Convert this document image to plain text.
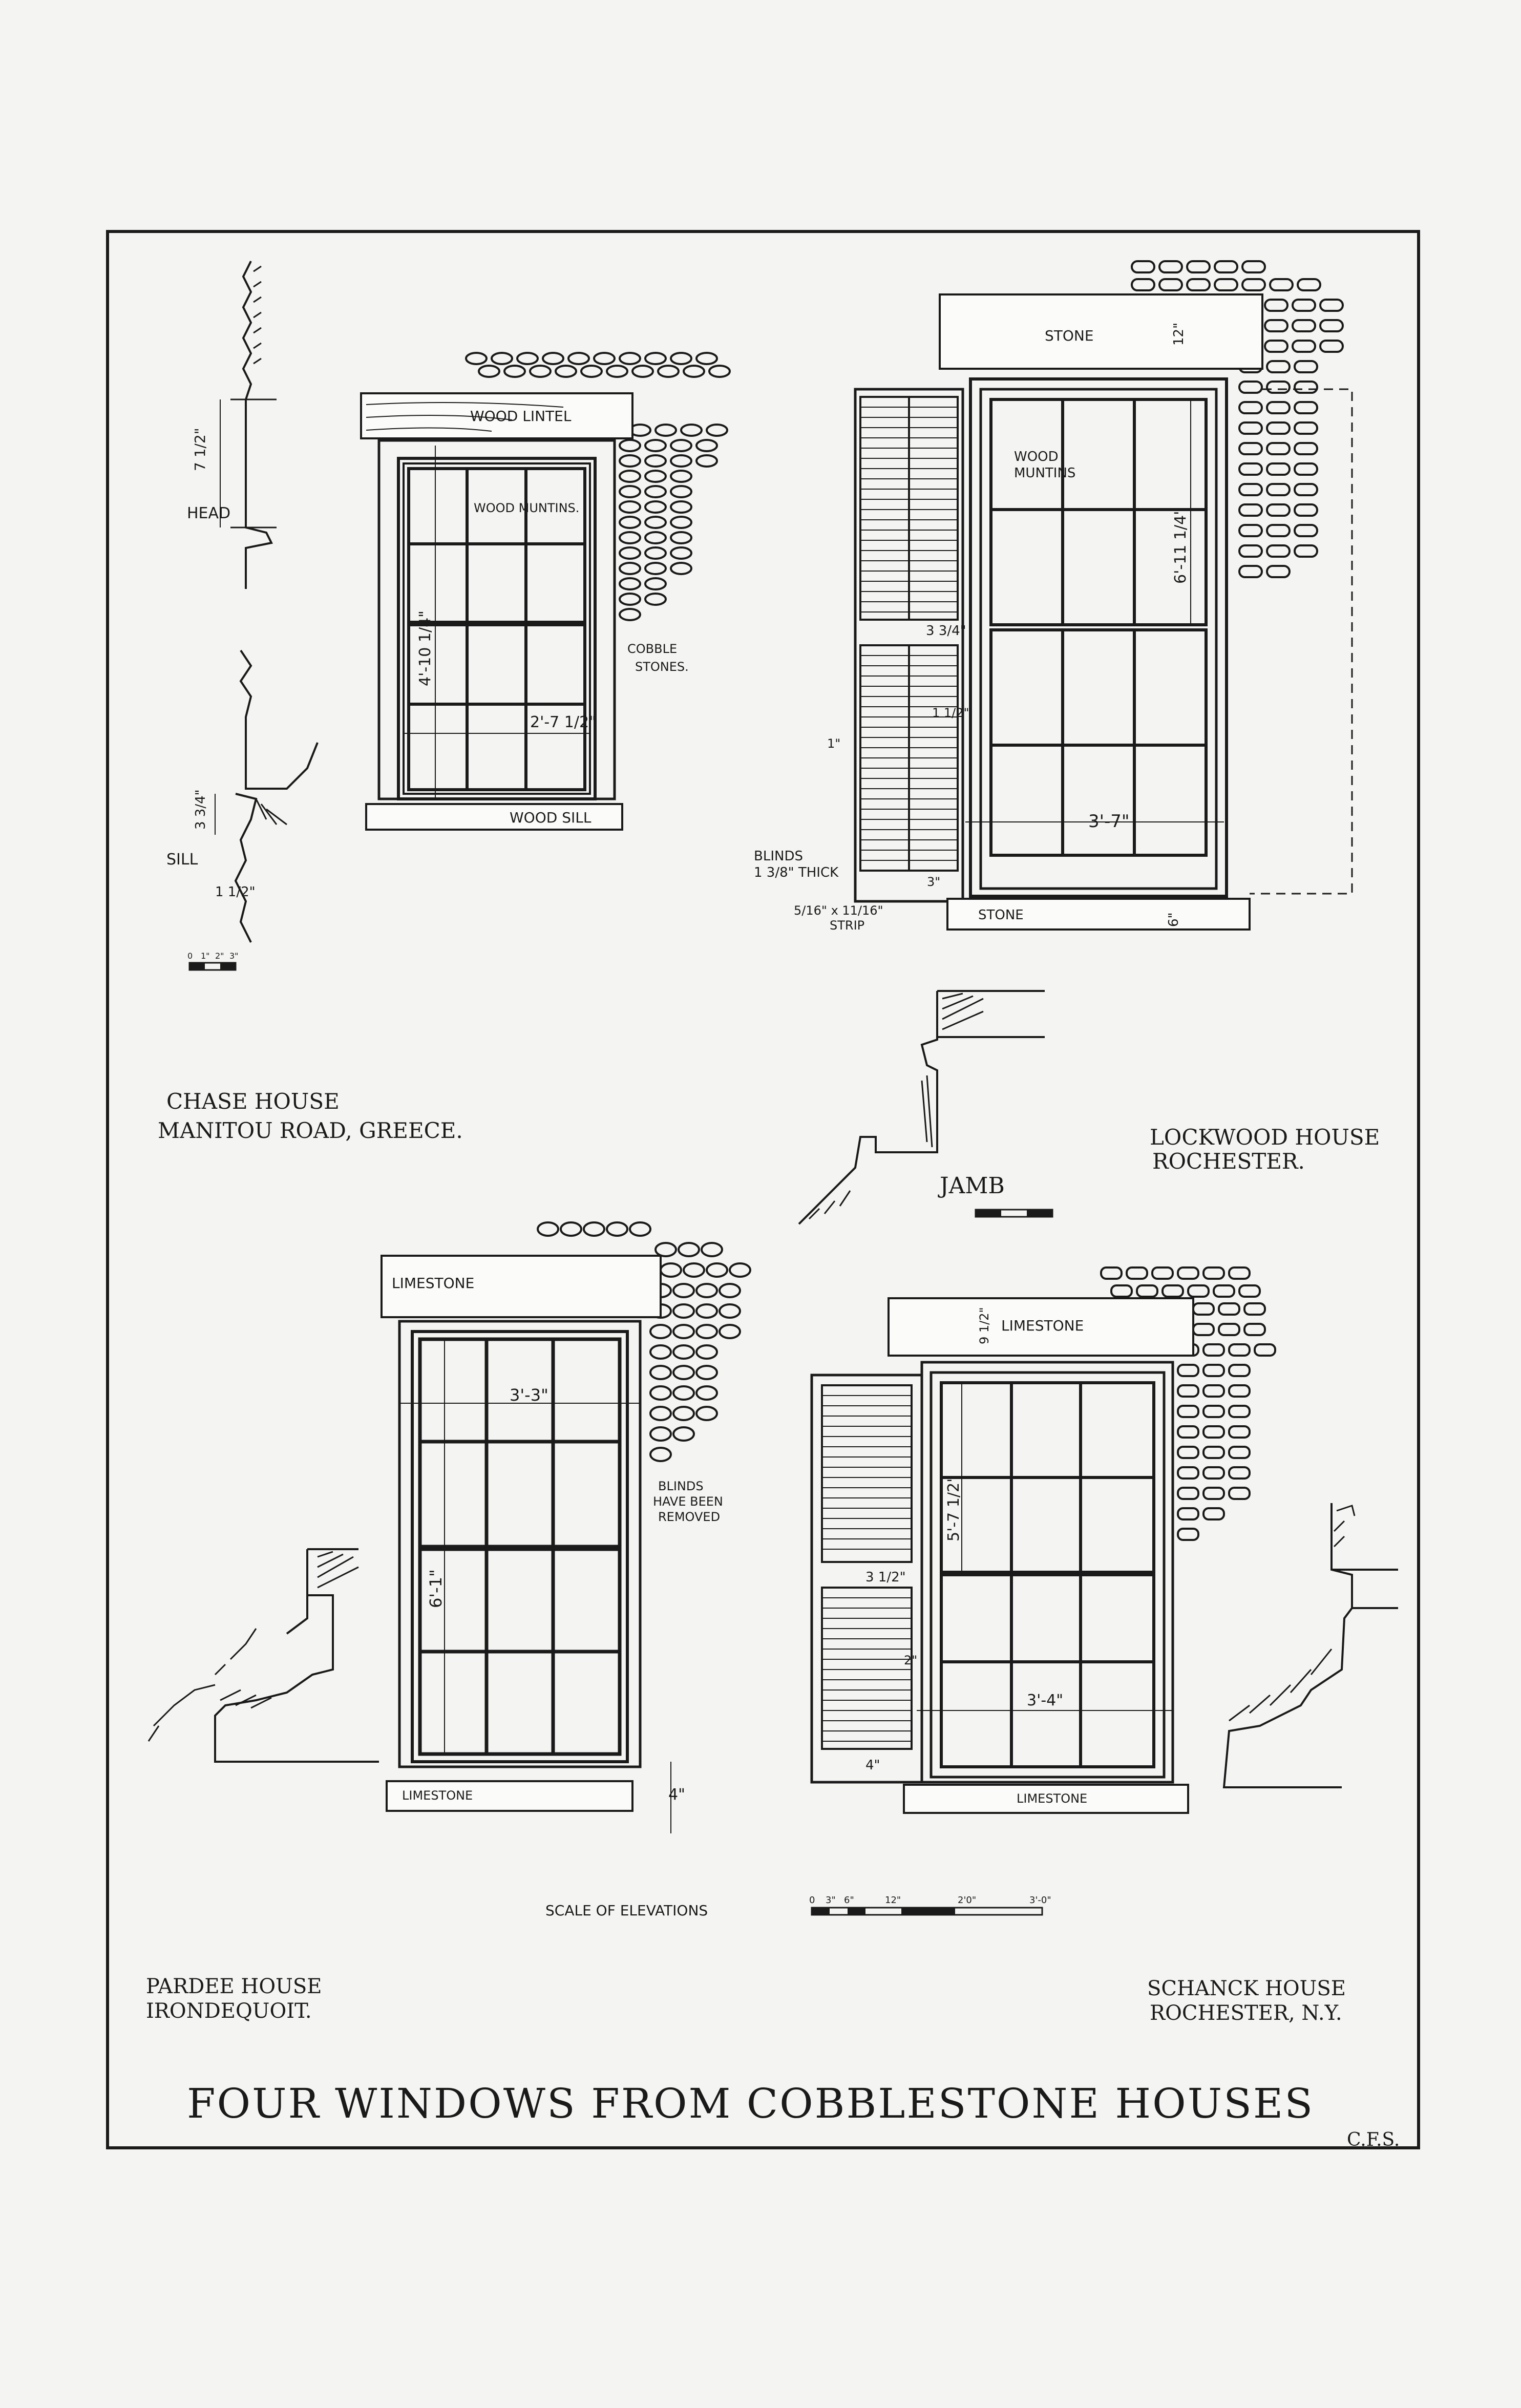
WOOD LINTEL
WOOD SILL
WOOD MUNTINS.
COBBLE
STONES.
4'-10 1/4"
2'-7 1/2"
7 1/2"
HEAD
3 3/4"
SILL
1 1/2"
0 1" 2" 3"
CHASE HOUSE
MANITOU ROAD, GREECE.
STONE	12"
WOOD
MUNTINS
6'-11 1/4"
3'-7"
STONE	6"
3 3/4"
1 1/2"
1"
3"
BLINDS
1 3/8" THICK
5/16" x 11/16"
STRIP
JAMB
LOCKWOOD HOUSE
ROCHESTER.
LIMESTONE
3'-3"
6'-1"
LIMESTONE	4"
BLINDS
HAVE BEEN
REMOVED
PARDEE HOUSE
IRONDEQUOIT.
LIMESTONE
9 1/2"
5'-7 1/2"
3'-4"
3 1/2"
2"
4"
LIMESTONE
SCHANCK HOUSE
ROCHESTER, N.Y.
SCALE OF ELEVATIONS
0 3" 6"	12"	2'0"	3'-0"
FOUR WINDOWS FROM COBBLESTONE HOUSES
C.F.S.
